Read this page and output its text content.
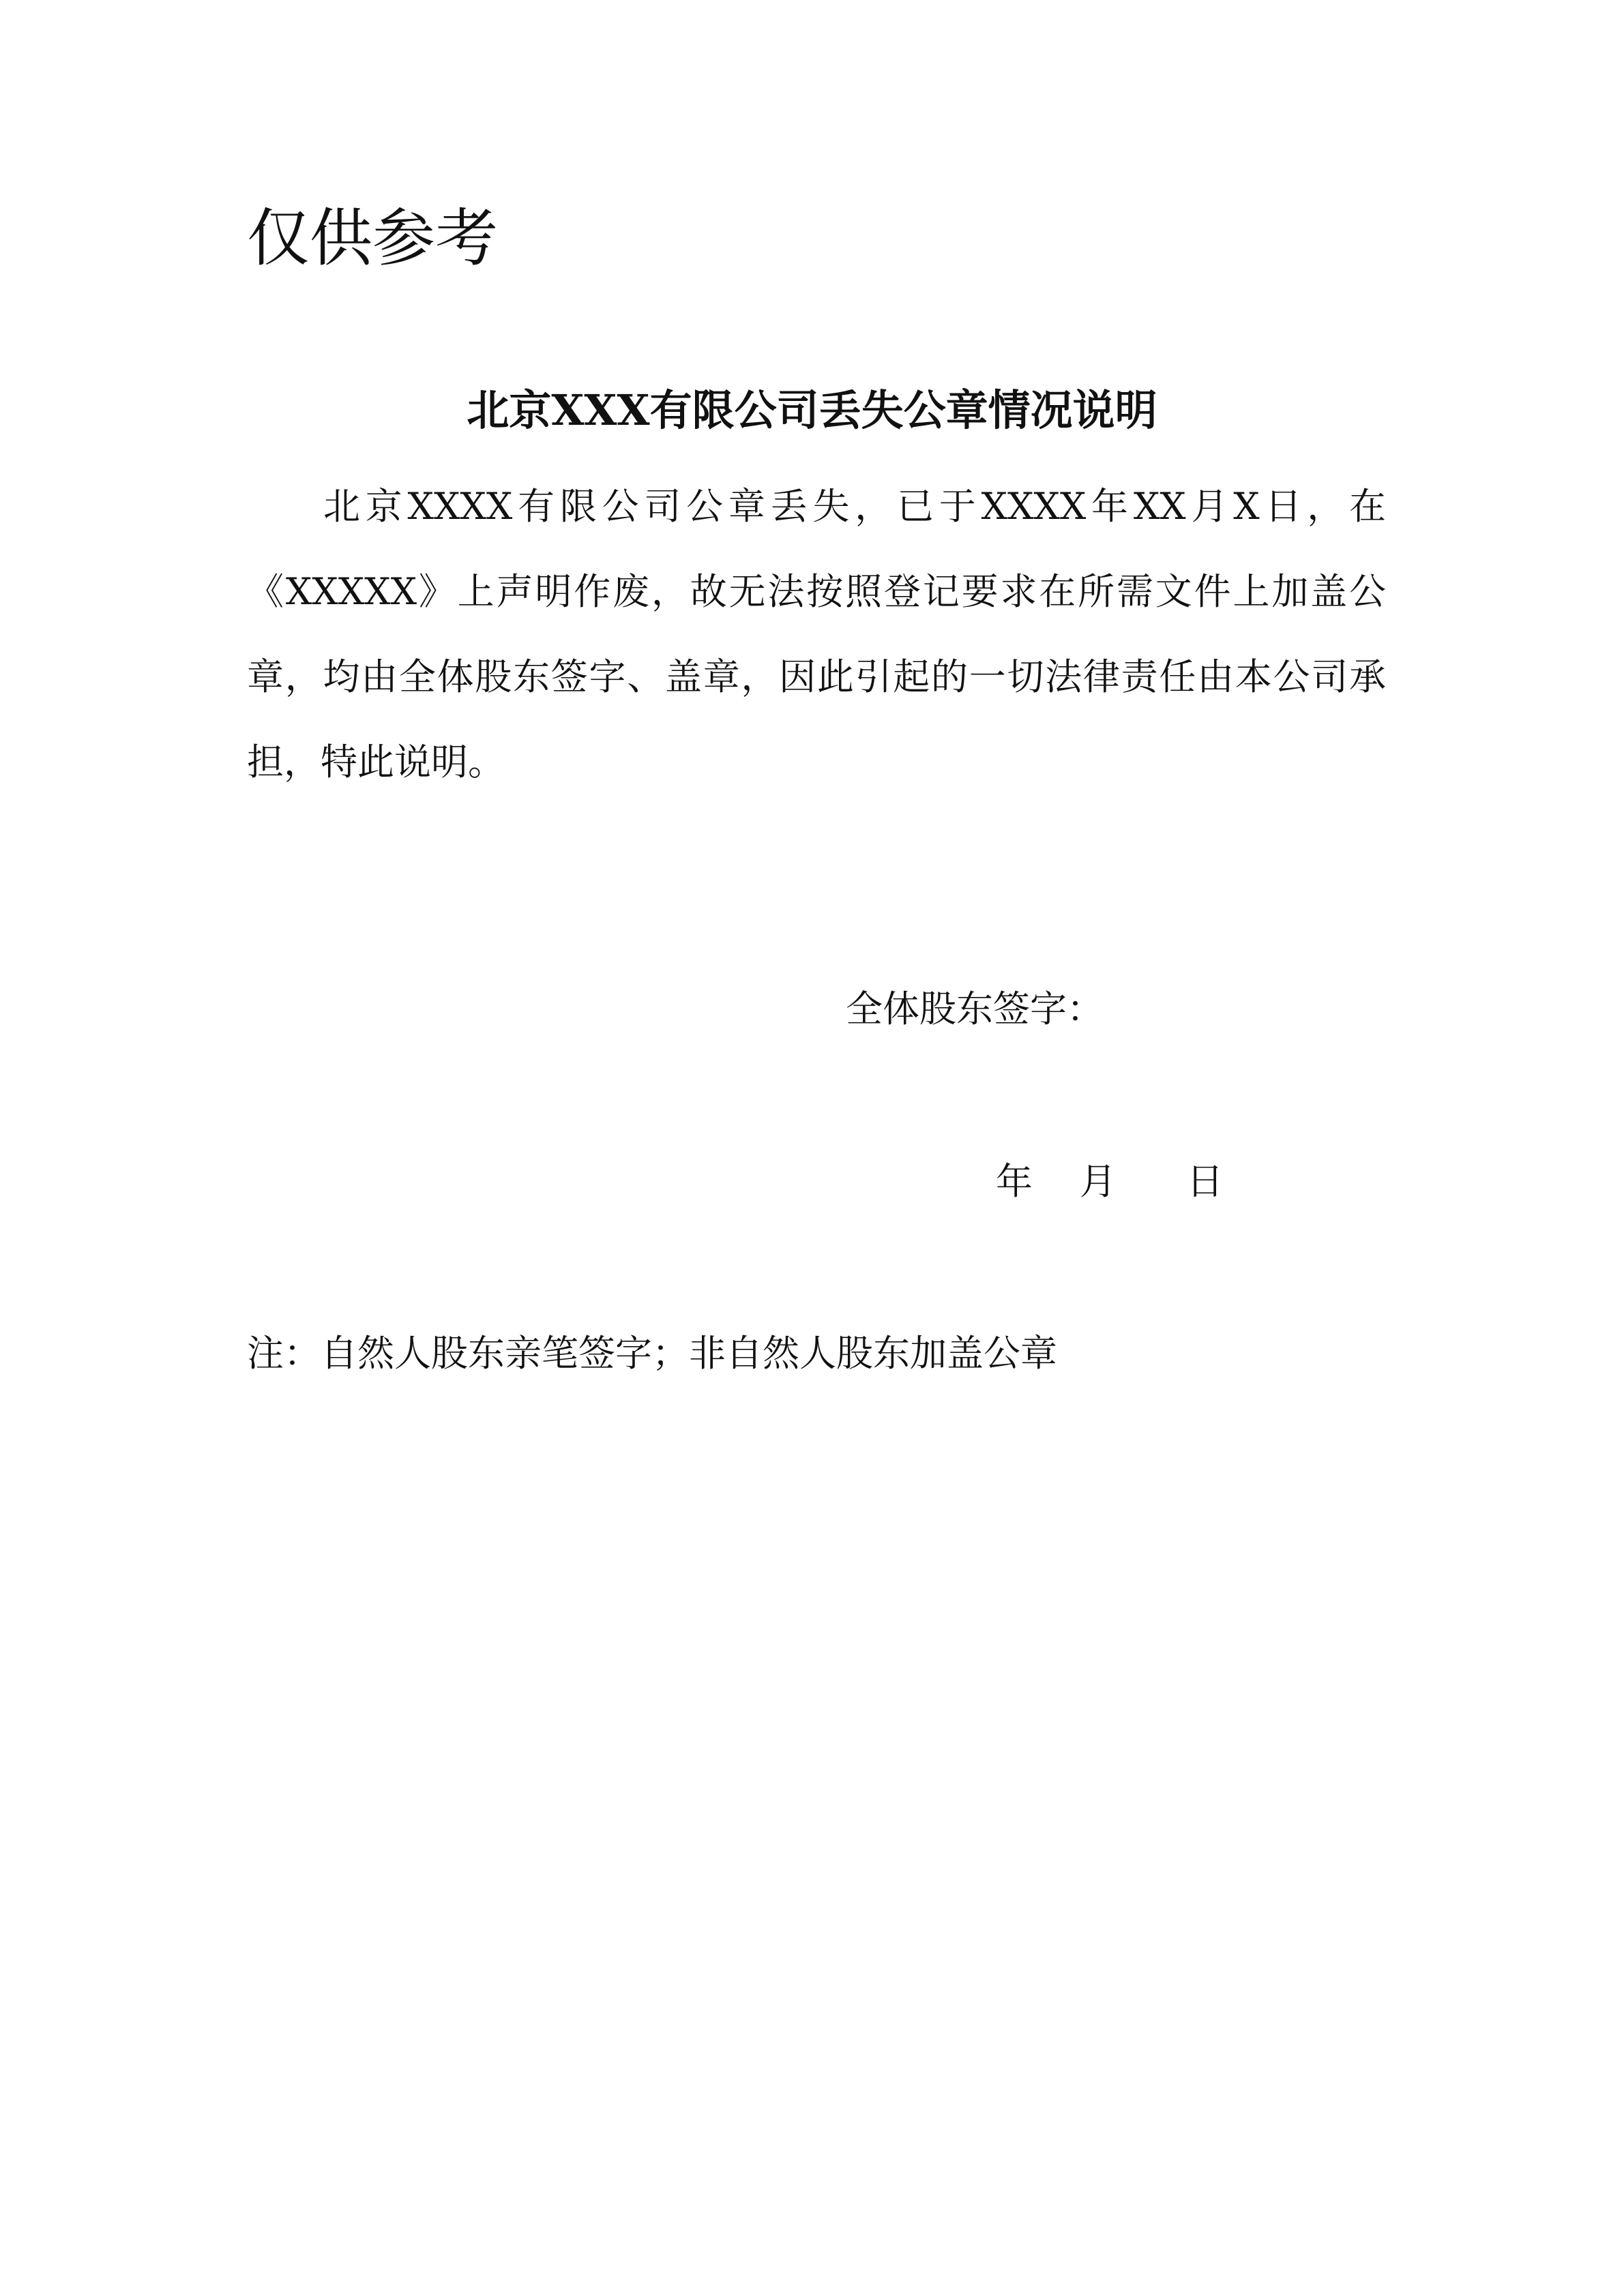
仅供参考
北京XXX有限公司丢失公章情况说明

北京XXXX有限公司公章丢失，已于XXXX年XX月X日，在《XXXXX》上声明作废，故无法按照登记要求在所需文件上加盖公章，均由全体股东签字、盖章，因此引起的一切法律责任由本公司承担，特此说明。

全体股东签字：
年    月      日
注：自然人股东亲笔签字；非自然人股东加盖公章
